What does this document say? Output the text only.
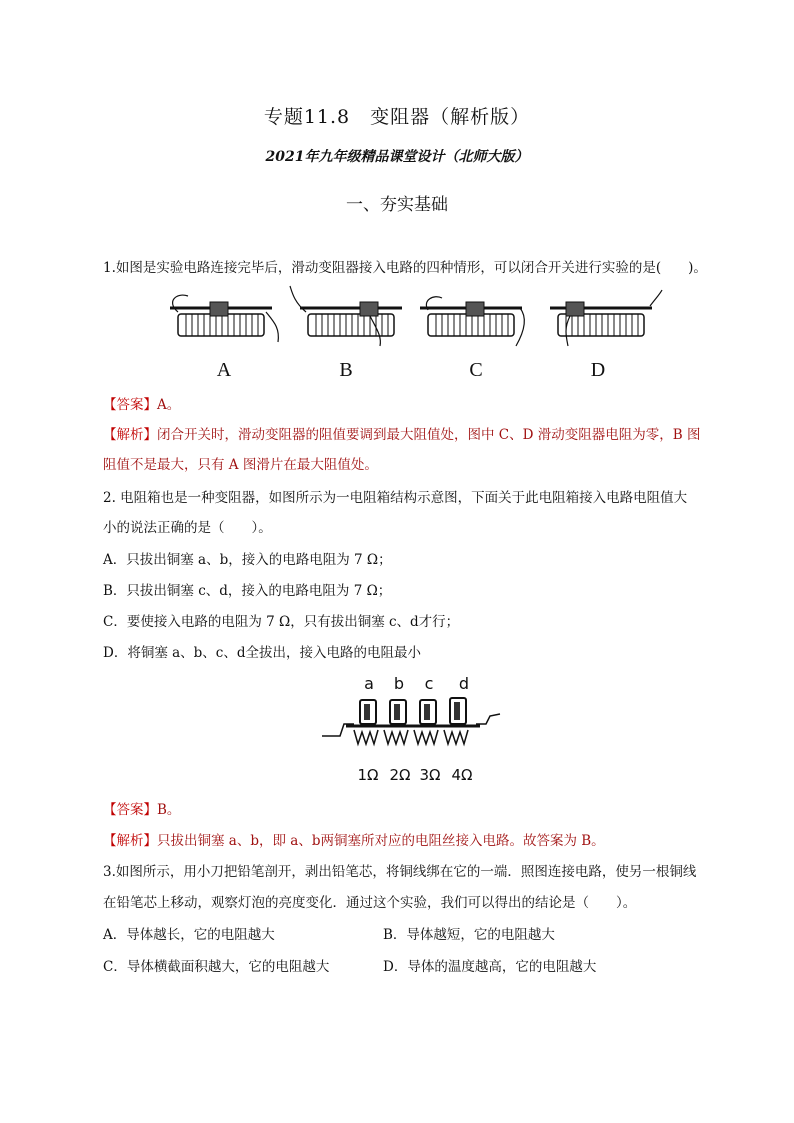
专题11.8　变阻器（解析版）
2021年九年级精品课堂设计（北师大版）
一、夯实基础
1.如图是实验电路连接完毕后，滑动变阻器接入电路的四种情形，可以闭合开关进行实验的是(　　)。
A	B	C	D
【答案】A。
【解析】闭合开关时，滑动变阻器的阻值要调到最大阻值处，图中 C、D 滑动变阻器电阻为零，B 图
阻值不是最大，只有 A 图滑片在最大阻值处。
2. 电阻箱也是一种变阻器，如图所示为一电阻箱结构示意图，下面关于此电阻箱接入电路电阻值大
小的说法正确的是（　　）。
A．只拔出铜塞 a、b，接入的电路电阻为 7 Ω；
B．只拔出铜塞 c、d，接入的电路电阻为 7 Ω；
C．要使接入电路的电阻为 7 Ω，只有拔出铜塞 c、d才行；
D．将铜塞 a、b、c、d全拔出，接入电路的电阻最小
a	b	c	d
1Ω 2Ω 3Ω 4Ω
【答案】B。
【解析】只拔出铜塞 a、b，即 a、b两铜塞所对应的电阻丝接入电路。故答案为 B。
3.如图所示，用小刀把铅笔剖开，剥出铅笔芯，将铜线绑在它的一端．照图连接电路，使另一根铜线
在铅笔芯上移动，观察灯泡的亮度变化．通过这个实验，我们可以得出的结论是（　　）。
A．导体越长，它的电阻越大	B．导体越短，它的电阻越大
C．导体横截面积越大，它的电阻越大	D．导体的温度越高，它的电阻越大
